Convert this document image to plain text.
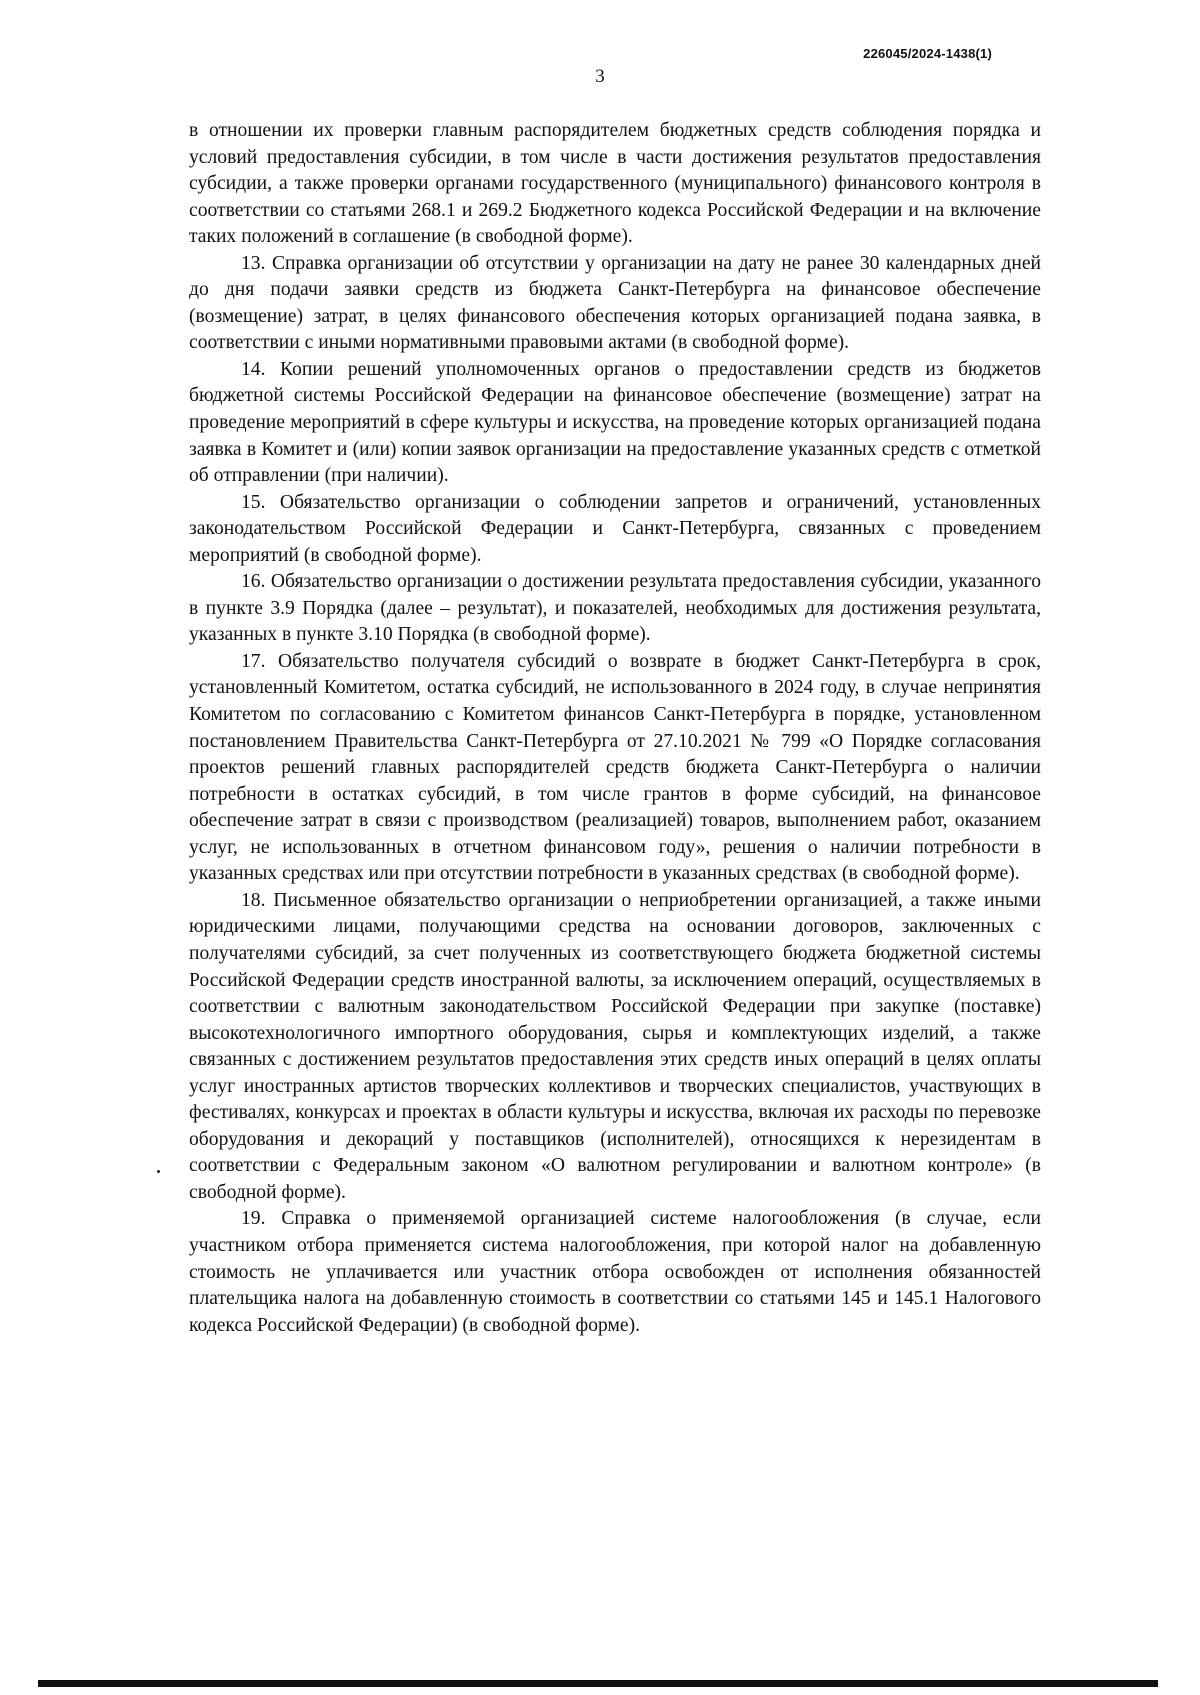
226045/2024-1438(1)
3

в отношении их проверки главным распорядителем бюджетных средств соблюдения порядка и условий предоставления субсидии, в том числе в части достижения результатов предоставления субсидии, а также проверки органами государственного (муниципального) финансового контроля в соответствии со статьями 268.1 и 269.2 Бюджетного кодекса Российской Федерации и на включение таких положений в соглашение (в свободной форме).

13. Справка организации об отсутствии у организации на дату не ранее 30 календарных дней до дня подачи заявки средств из бюджета Санкт-Петербурга на финансовое обеспечение (возмещение) затрат, в целях финансового обеспечения которых организацией подана заявка, в соответствии с иными нормативными правовыми актами (в свободной форме).

14. Копии решений уполномоченных органов о предоставлении средств из бюджетов бюджетной системы Российской Федерации на финансовое обеспечение (возмещение) затрат на проведение мероприятий в сфере культуры и искусства, на проведение которых организацией подана заявка в Комитет и (или) копии заявок организации на предоставление указанных средств с отметкой об отправлении (при наличии).

15. Обязательство организации о соблюдении запретов и ограничений, установленных законодательством Российской Федерации и Санкт-Петербурга, связанных с проведением мероприятий (в свободной форме).

16. Обязательство организации о достижении результата предоставления субсидии, указанного в пункте 3.9 Порядка (далее – результат), и показателей, необходимых для достижения результата, указанных в пункте 3.10 Порядка (в свободной форме).

17. Обязательство получателя субсидий о возврате в бюджет Санкт-Петербурга в срок, установленный Комитетом, остатка субсидий, не использованного в 2024 году, в случае непринятия Комитетом по согласованию с Комитетом финансов Санкт-Петербурга в порядке, установленном постановлением Правительства Санкт-Петербурга от 27.10.2021 № 799 «О Порядке согласования проектов решений главных распорядителей средств бюджета Санкт-Петербурга о наличии потребности в остатках субсидий, в том числе грантов в форме субсидий, на финансовое обеспечение затрат в связи с производством (реализацией) товаров, выполнением работ, оказанием услуг, не использованных в отчетном финансовом году», решения о наличии потребности в указанных средствах или при отсутствии потребности в указанных средствах (в свободной форме).

18. Письменное обязательство организации о неприобретении организацией, а также иными юридическими лицами, получающими средства на основании договоров, заключенных с получателями субсидий, за счет полученных из соответствующего бюджета бюджетной системы Российской Федерации средств иностранной валюты, за исключением операций, осуществляемых в соответствии с валютным законодательством Российской Федерации при закупке (поставке) высокотехнологичного импортного оборудования, сырья и комплектующих изделий, а также связанных с достижением результатов предоставления этих средств иных операций в целях оплаты услуг иностранных артистов творческих коллективов и творческих специалистов, участвующих в фестивалях, конкурсах и проектах в области культуры и искусства, включая их расходы по перевозке оборудования и декораций у поставщиков (исполнителей), относящихся к нерезидентам в соответствии с Федеральным законом «О валютном регулировании и валютном контроле» (в свободной форме).

19. Справка о применяемой организацией системе налогообложения (в случае, если участником отбора применяется система налогообложения, при которой налог на добавленную стоимость не уплачивается или участник отбора освобожден от исполнения обязанностей плательщика налога на добавленную стоимость в соответствии со статьями 145 и 145.1 Налогового кодекса Российской Федерации) (в свободной форме).
